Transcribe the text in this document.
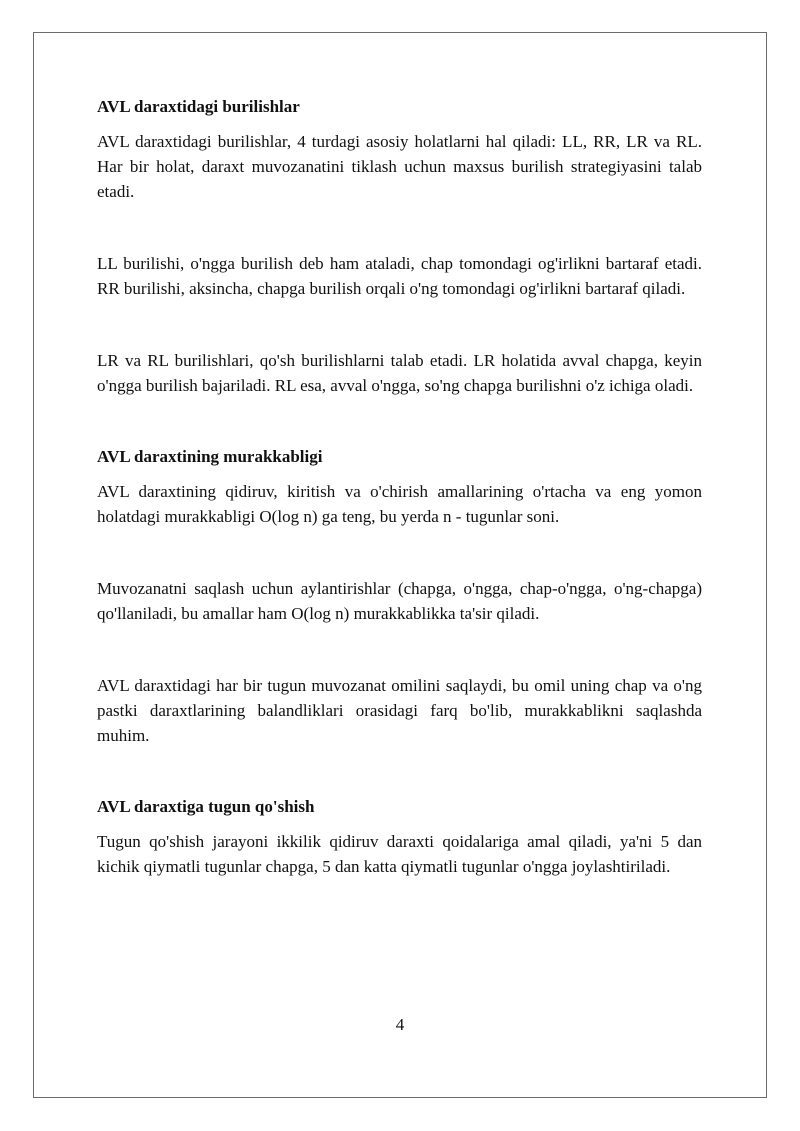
AVL daraxtidagi burilishlar

AVL daraxtidagi burilishlar, 4 turdagi asosiy holatlarni hal qiladi: LL, RR, LR va RL. Har bir holat, daraxt muvozanatini tiklash uchun maxsus burilish strategiyasini talab etadi.

LL burilishi, o'ngga burilish deb ham ataladi, chap tomondagi og'irlikni bartaraf etadi. RR burilishi, aksincha, chapga burilish orqali o'ng tomondagi og'irlikni bartaraf qiladi.

LR va RL burilishlari, qo'sh burilishlarni talab etadi. LR holatida avval chapga, keyin o'ngga burilish bajariladi. RL esa, avval o'ngga, so'ng chapga burilishni o'z ichiga oladi.

AVL daraxtining murakkabligi

AVL daraxtining qidiruv, kiritish va o'chirish amallarining o'rtacha va eng yomon holatdagi murakkabligi O(log n) ga teng, bu yerda n - tugunlar soni.

Muvozanatni saqlash uchun aylantirishlar (chapga, o'ngga, chap-o'ngga, o'ng-chapga) qo'llaniladi, bu amallar ham O(log n) murakkablikka ta'sir qiladi.

AVL daraxtidagi har bir tugun muvozanat omilini saqlaydi, bu omil uning chap va o'ng pastki daraxtlarining balandliklari orasidagi farq bo'lib, murakkablikni saqlashda muhim.

AVL daraxtiga tugun qo'shish

Tugun qo'shish jarayoni ikkilik qidiruv daraxti qoidalariga amal qiladi, ya'ni 5 dan kichik qiymatli tugunlar chapga, 5 dan katta qiymatli tugunlar o'ngga joylashtiriladi.

4
